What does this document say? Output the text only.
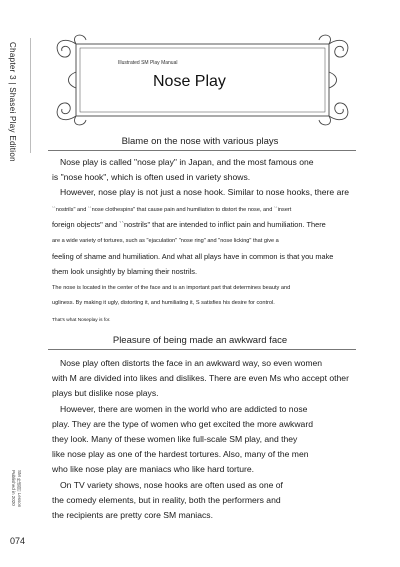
Chapter 3 | Shasei Play Edition
SM 性感帯 Lesson
Published in 2020
074
Illustrated SM Play Manual
Nose Play
Blame on the nose with various plays
Nose play is called "nose play" in Japan, and the most famous one
is "nose hook", which is often used in variety shows.
However, nose play is not just a nose hook. Similar to nose hooks, there are
``nostrils" and ``nose clothespins" that cause pain and humiliation to distort the nose, and ``insert
foreign objects" and ``nostrils" that are intended to inflict pain and humiliation. There
are a wide variety of tortures, such as "ejaculation" "nose ring" and "nose licking" that give a
feeling of shame and humiliation. And what all plays have in common is that you make
them look unsightly by blaming their nostrils.
The nose is located in the center of the face and is an important part that determines beauty and
ugliness. By making it ugly, distorting it, and humiliating it, S satisfies his desire for control.
That's what Noseplay is for.
Pleasure of being made an awkward face
Nose play often distorts the face in an awkward way, so even women
with M are divided into likes and dislikes. There are even Ms who accept other
plays but dislike nose plays.
However, there are women in the world who are addicted to nose
play. They are the type of women who get excited the more awkward
they look. Many of these women like full-scale SM play, and they
like nose play as one of the hardest tortures. Also, many of the men
who like nose play are maniacs who like hard torture.
On TV variety shows, nose hooks are often used as one of
the comedy elements, but in reality, both the performers and
the recipients are pretty core SM maniacs.
